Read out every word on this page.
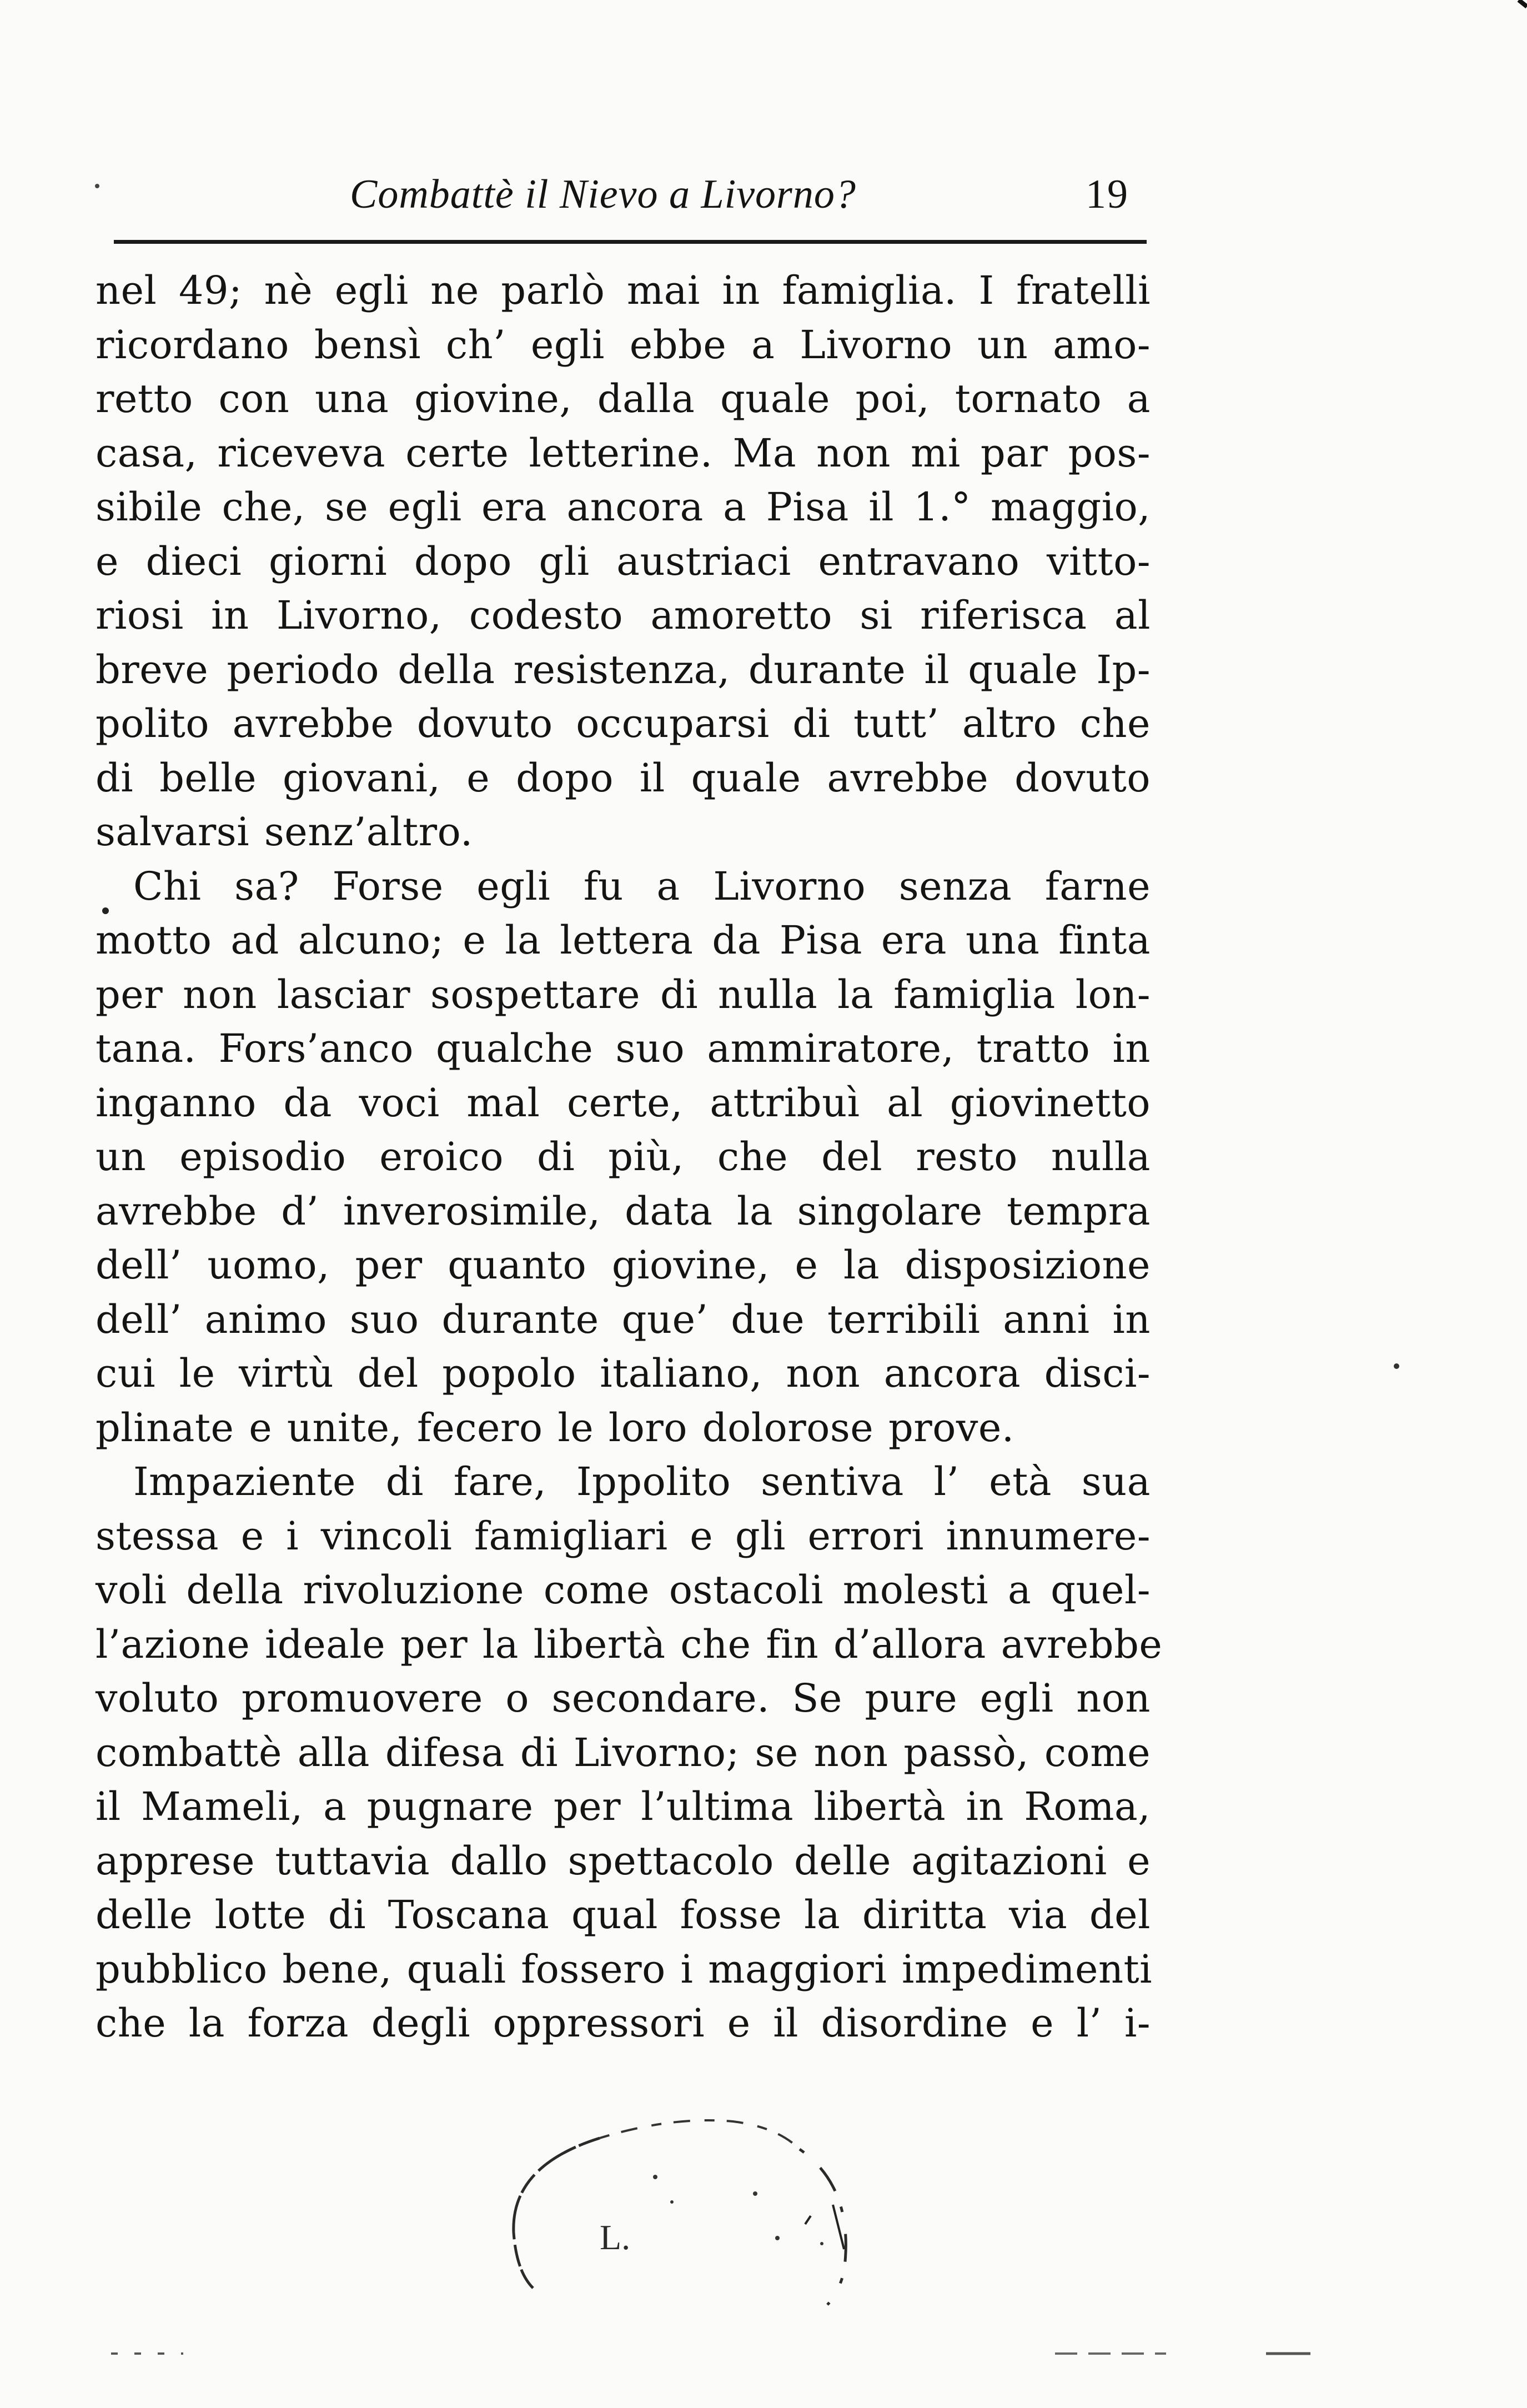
Combattè il Nievo a Livorno?	19
nel 49; nè egli ne parlò mai in famiglia. I fratelli
ricordano bensì ch’ egli ebbe a Livorno un amo-
retto con una giovine, dalla quale poi, tornato a
casa, riceveva certe letterine. Ma non mi par pos-
sibile che, se egli era ancora a Pisa il 1.° maggio,
e dieci giorni dopo gli austriaci entravano vitto-
riosi in Livorno, codesto amoretto si riferisca al
breve periodo della resistenza, durante il quale Ip-
polito avrebbe dovuto occuparsi di tutt’ altro che
di belle giovani, e dopo il quale avrebbe dovuto
salvarsi senz’altro.
Chi sa? Forse egli fu a Livorno senza farne
motto ad alcuno; e la lettera da Pisa era una finta
per non lasciar sospettare di nulla la famiglia lon-
tana. Fors’anco qualche suo ammiratore, tratto in
inganno da voci mal certe, attribuì al giovinetto
un episodio eroico di più, che del resto nulla
avrebbe d’ inverosimile, data la singolare tempra
dell’ uomo, per quanto giovine, e la disposizione
dell’ animo suo durante que’ due terribili anni in
cui le virtù del popolo italiano, non ancora disci-
plinate e unite, fecero le loro dolorose prove.
Impaziente di fare, Ippolito sentiva l’ età sua
stessa e i vincoli famigliari e gli errori innumere-
voli della rivoluzione come ostacoli molesti a quel-
l’azione ideale per la libertà che fin d’allora avrebbe
voluto promuovere o secondare. Se pure egli non
combattè alla difesa di Livorno; se non passò, come
il Mameli, a pugnare per l’ultima libertà in Roma,
apprese tuttavia dallo spettacolo delle agitazioni e
delle lotte di Toscana qual fosse la diritta via del
pubblico bene, quali fossero i maggiori impedimenti
che la forza degli oppressori e il disordine e l’ i-
L.
